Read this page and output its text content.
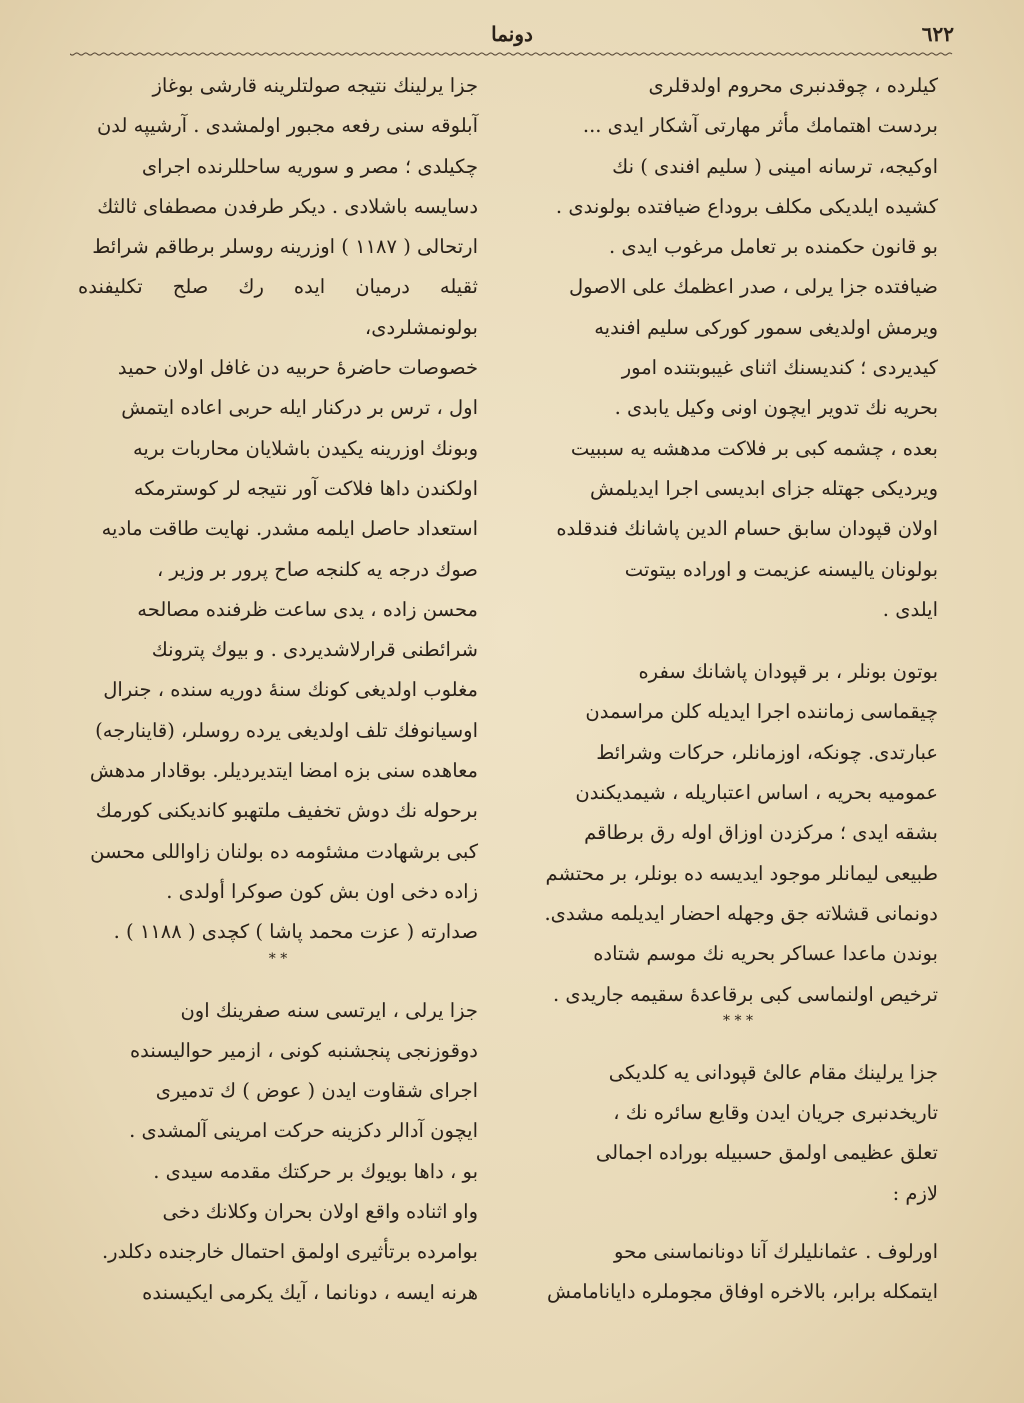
٦٢٢
دونما

كيلرده ، چوقدنبرى محروم اولدقلرى

بردست اهتمامك مأثر مهارتى آشكار ايدى ...

اوكيجه، ترسانه امينى ( سليم افندى ) نك

كشيده ايلديكى مكلف بروداع ضيافتده بولوندى .

بو قانون حكمنده بر تعامل مرغوب ايدى .

ضيافتده جزا يرلى ، صدر اعظمك على الاصول

ويرمش اولديغى سمور كوركى سليم افنديه

كيديردى ؛ كنديسنك اثناى غيبوبتنده امور

بحريه نك تدوير ايچون اونى وكيل يابدى .

بعده ، چشمه كبى بر فلاكت مدهشه يه سببيت

ويرديكى جهتله جزاى ابديسى اجرا ايديلمش

اولان قپودان سابق حسام الدين پاشانك فندقلده

بولونان ياليسنه عزيمت و اوراده بيتوتت

ايلدى .

بوتون بونلر ، بر قپودان پاشانك سفره

چيقماسى زماننده اجرا ايديله كلن مراسمدن

عبارتدى. چونكه، اوزمانلر، حركات وشرائط

عموميه بحريه ، اساس اعتباريله ، شيمديكندن

بشقه ايدى ؛ مركزدن اوزاق اوله رق برطاقم

طبيعى ليمانلر موجود ايديسه ده بونلر، بر محتشم

دونمانى قشلاته جق وجهله احضار ايديلمه مشدى.

بوندن ماعدا عساكر بحريه نك موسم شتاده

ترخيص اولنماسى كبى برقاعدۀ سقيمه جاريدى .

* * *

جزا يرلينك مقام عالئ قپودانى يه كلديكى

تاريخدنبرى جريان ايدن وقايع سائره نك ،

تعلق عظيمى اولمق حسبيله بوراده اجمالى

لازم :

اورلوف . عثمانليلرك آنا دونانماسنى محو

ايتمكله برابر، بالاخره اوفاق مجوملره دايانامامش

جزا يرلينك نتيجه صولتلرينه قارشى بوغاز

آبلوقه سنى رفعه مجبور اولمشدى . آرشيپه لدن

چكيلدى ؛ مصر و سوريه ساحللرنده اجراى

دسايسه باشلادى . ديكر طرفدن مصطفاى ثالثك

ارتحالى ( ١١٨٧ ) اوزرينه روسلر برطاقم شرائط

ثقيله درميان ايده رك صلح تكليفنده بولونمشلردى،

خصوصات حاضرۀ حربيه دن غافل اولان حميد

اول ، ترس بر دركنار ايله حربى اعاده ايتمش

وبونك اوزرينه يكيدن باشلايان محاربات بريه

اولكندن داها فلاكت آور نتيجه لر كوسترمكه

استعداد حاصل ايلمه مشدر. نهايت طاقت ماديه

صوك درجه يه كلنجه صاح پرور بر وزير ،

محسن زاده ، يدى ساعت ظرفنده مصالحه

شرائطنى قرارلاشديردى . و بيوك پترونك

مغلوب اولديغى كونك سنۀ دوريه سنده ، جنرال

اوسيانوفك تلف اولديغى يرده روسلر، (قاينارجه)

معاهده سنى بزه امضا ايتديرديلر. بوقادار مدهش

برحوله نك دوش تخفيف ملتهبو كانديكنى كورمك

كبى برشهادت مشئومه ده بولنان زاواللى محسن

زاده دخى اون بش كون صوكرا أولدى .

صدارته ( عزت محمد پاشا ) كچدى ( ١١٨٨ ) .

* *

جزا يرلى ، ايرتسى سنه صفرينك اون

دوقوزنجى پنجشنبه كونى ، ازمير حواليسنده

اجراى شقاوت ايدن ( عوض ) ك تدميرى

ايچون آدالر دكزينه حركت امرينى آلمشدى .

بو ، داها بويوك بر حركتك مقدمه سيدى .

واو اثناده واقع اولان بحران وكلانك دخى

بوامرده برتأثيرى اولمق احتمال خارجنده دكلدر.

هرنه ايسه ، دونانما ، آيك يكرمى ايكيسنده
